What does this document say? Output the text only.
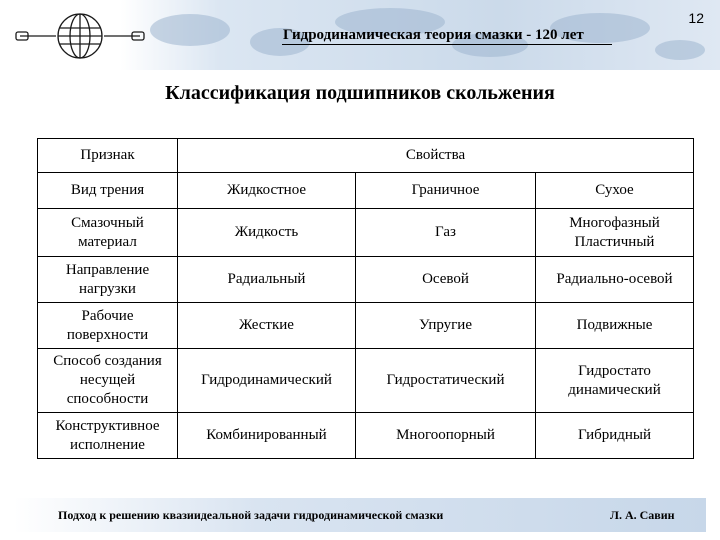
12
Гидродинамическая теория смазки - 120 лет
Классификация подшипников скольжения
Признак	Свойства		
Вид трения	Жидкостное	Граничное	Сухое
Смазочный материал	Жидкость	Газ	Многофазный Пластичный
Направление нагрузки	Радиальный	Осевой	Радиально-осевой
Рабочие поверхности	Жесткие	Упругие	Подвижные
Способ создания несущей способности	Гидродинамический	Гидростатический	Гидростато динамический
Конструктивное исполнение	Комбинированный	Многоопорный	Гибридный
Подход к решению квазиидеальной задачи гидродинамической смазки	Л. А. Савин
